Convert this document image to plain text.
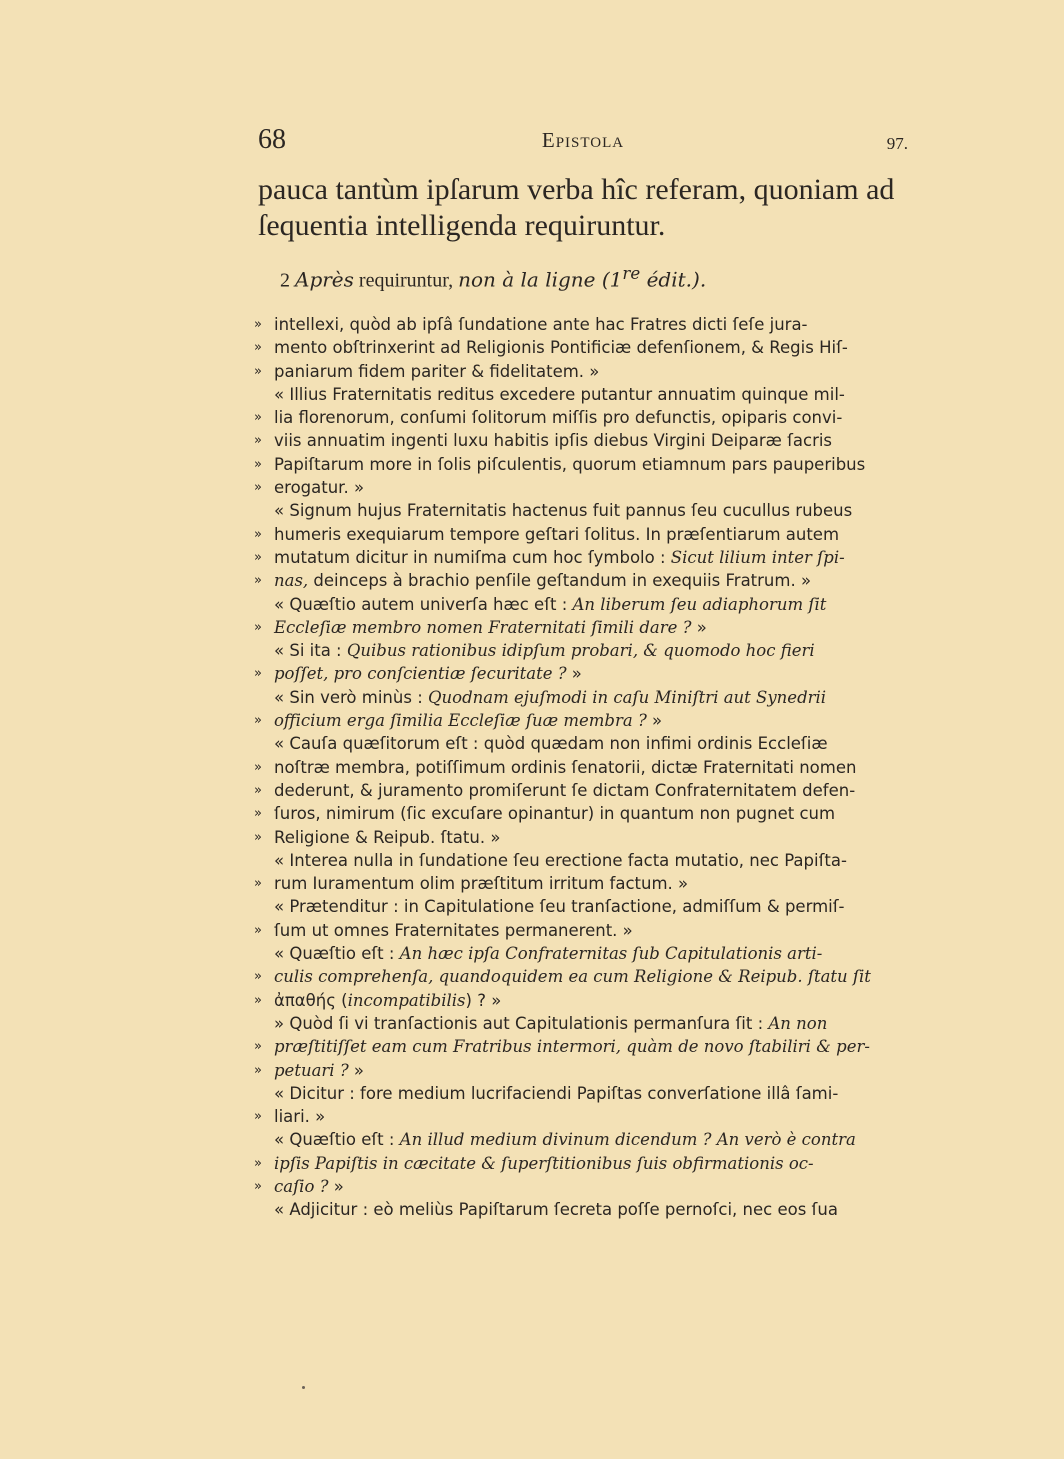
68	Epistola	97.
pauca tantùm ipſarum verba hîc referam, quoniam ad
ſequentia intelligenda requiruntur.
2 Après requiruntur, non à la ligne (1re édit.).
» intellexi, quòd ab ipſâ ſundatione ante hac Fratres dicti ſeſe jura-
» mento obſtrinxerint ad Religionis Pontificiæ defenſionem, & Regis Hiſ-
» paniarum fidem pariter & fidelitatem. »
« Illius Fraternitatis reditus excedere putantur annuatim quinque mil-
» lia florenorum, conſumi ſolitorum miſſis pro defunctis, opiparis convi-
» viis annuatim ingenti luxu habitis ipſis diebus Virgini Deiparæ ſacris
» Papiſtarum more in ſolis piſculentis, quorum etiamnum pars pauperibus
» erogatur. »
« Signum hujus Fraternitatis hactenus fuit pannus ſeu cucullus rubeus
» humeris exequiarum tempore geſtari ſolitus. In præſentiarum autem
» mutatum dicitur in numiſma cum hoc ſymbolo : Sicut lilium inter ſpi-
» nas, deinceps à brachio penſile geſtandum in exequiis Fratrum. »
« Quæſtio autem univerſa hæc eſt : An liberum ſeu adiaphorum ſit
» Eccleſiæ membro nomen Fraternitati ſimili dare ? »
« Si ita : Quibus rationibus idipſum probari, & quomodo hoc fieri
» poſſet, pro conſcientiæ ſecuritate ? »
« Sin verò minùs : Quodnam ejuſmodi in caſu Miniſtri aut Synedrii
» officium erga ſimilia Eccleſiæ ſuæ membra ? »
« Cauſa quæſitorum eſt : quòd quædam non infimi ordinis Eccleſiæ
» noſtræ membra, potiſſimum ordinis ſenatorii, dictæ Fraternitati nomen
» dederunt, & juramento promiſerunt ſe dictam Confraternitatem defen-
» ſuros, nimirum (ſic excuſare opinantur) in quantum non pugnet cum
» Religione & Reipub. ſtatu. »
« Interea nulla in ſundatione ſeu erectione facta mutatio, nec Papiſta-
» rum Iuramentum olim præſtitum irritum factum. »
« Prætenditur : in Capitulatione ſeu tranſactione, admiſſum & permiſ-
» ſum ut omnes Fraternitates permanerent. »
« Quæſtio eſt : An hæc ipſa Confraternitas ſub Capitulationis arti-
» culis comprehenſa, quandoquidem ea cum Religione & Reipub. ſtatu ſit
» ἀπαθής (incompatibilis) ? »
» Quòd ſi vi tranſactionis aut Capitulationis permanſura ſit : An non
» præſtitiſſet eam cum Fratribus intermori, quàm de novo ſtabiliri & per-
» petuari ? »
« Dicitur : fore medium lucrifaciendi Papiſtas converſatione illâ ſami-
» liari. »
« Quæſtio eſt : An illud medium divinum dicendum ? An verò è contra
» ipſis Papiſtis in cæcitate & ſuperſtitionibus ſuis obfirmationis oc-
» caſio ? »
« Adjicitur : eò meliùs Papiſtarum ſecreta poſſe pernoſci, nec eos ſua
